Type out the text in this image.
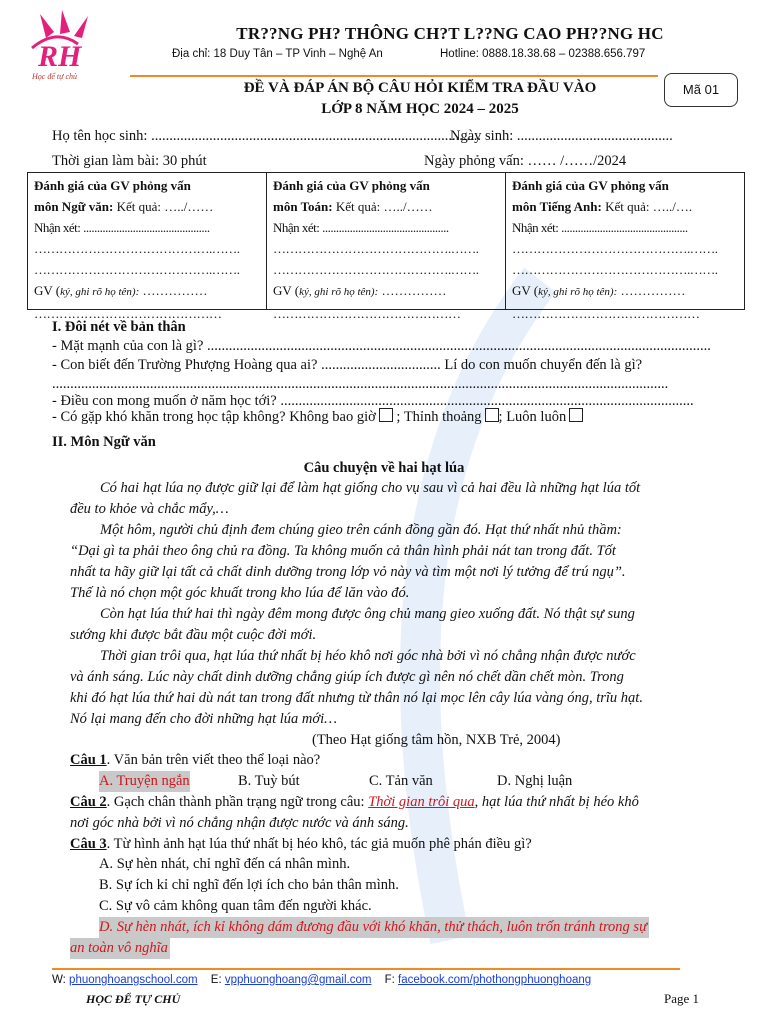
RH
Học để tự chủ
TR??NG PH? THÔNG CH?T L??NG CAO PH??NG HC
Địa chỉ: 18 Duy Tân – TP Vinh – Nghệ An	Hotline: 0888.18.38.68 – 02388.656.797
Mã 01
ĐỀ VÀ ĐÁP ÁN BỘ CÂU HỎI KIỂM TRA ĐẦU VÀO
LỚP 8 NĂM HỌC 2024 – 2025
Họ tên học sinh: ...........................................................................................
Ngày sinh: ...........................................
Thời gian làm bài: 30 phút	Ngày phỏng vấn: …… /……/2024
Đánh giá của GV phỏng vấn
môn Ngữ văn: Kết quả: …../……
Nhận xét: ..............................................
…………………………………….…….
…………………………………….…….
GV (ký, ghi rõ họ tên): ……………
………………………………………
Đánh giá của GV phỏng vấn
môn Toán: Kết quả: …../……
Nhận xét: ..............................................
…………………………………….…….
…………………………………….…….
GV (ký, ghi rõ họ tên): ……………
………………………………………
Đánh giá của GV phỏng vấn
môn Tiếng Anh: Kết quả: …../….
Nhận xét: ..............................................
…………………………………….…….
…………………………………….…….
GV (ký, ghi rõ họ tên): ……………
………………………………………
I. Đôi nét về bản thân
- Mặt mạnh của con là gì? ...........................................................................................................................................
- Con biết đến Trường Phượng Hoàng qua ai? ................................. Lí do con muốn chuyển đến là gì?
..........................................................................................................................................................................
- Điều con mong muốn ở năm học tới? ..................................................................................................................
- Có gặp khó khăn trong học tập không? Không bao giờ ; Thỉnh thoảng ; Luôn luôn
II. Môn Ngữ văn
Câu chuyện về hai hạt lúa
Có hai hạt lúa nọ được giữ lại để làm hạt giống cho vụ sau vì cả hai đều là những hạt lúa tốt
đều to khỏe và chắc mẩy,…
Một hôm, người chủ định đem chúng gieo trên cánh đồng gần đó. Hạt thứ nhất nhủ thầm:
“Dại gì ta phải theo ông chủ ra đồng. Ta không muốn cả thân hình phải nát tan trong đất. Tốt
nhất ta hãy giữ lại tất cả chất dinh dưỡng trong lớp vỏ này và tìm một nơi lý tưởng để trú ngụ”.
Thế là nó chọn một góc khuất trong kho lúa để lăn vào đó.
Còn hạt lúa thứ hai thì ngày đêm mong được ông chủ mang gieo xuống đất. Nó thật sự sung
sướng khi được bắt đầu một cuộc đời mới.
Thời gian trôi qua, hạt lúa thứ nhất bị héo khô nơi góc nhà bởi vì nó chẳng nhận được nước
và ánh sáng. Lúc này chất dinh dưỡng chẳng giúp ích được gì nên nó chết dần chết mòn. Trong
khi đó hạt lúa thứ hai dù nát tan trong đất nhưng từ thân nó lại mọc lên cây lúa vàng óng, trĩu hạt.
Nó lại mang đến cho đời những hạt lúa mới…
(Theo Hạt giống tâm hồn, NXB Trẻ, 2004)
Câu 1. Văn bản trên viết theo thể loại nào?
A. Truyện ngắn	B. Tuỳ bút	C. Tản văn	D. Nghị luận
Câu 2. Gạch chân thành phần trạng ngữ trong câu: Thời gian trôi qua, hạt lúa thứ nhất bị héo khô
nơi góc nhà bởi vì nó chẳng nhận được nước và ánh sáng.
Câu 3. Từ hình ảnh hạt lúa thứ nhất bị héo khô, tác giả muốn phê phán điều gì?
A. Sự hèn nhát, chỉ nghĩ đến cá nhân mình.
B. Sự ích kỉ chỉ nghĩ đến lợi ích cho bản thân mình.
C. Sự vô cảm không quan tâm đến người khác.
D. Sự hèn nhát, ích kỉ không dám đương đầu với khó khăn, thử thách, luôn trốn tránh trong sự
an toàn vô nghĩa
W: phuonghoangschool.com E: vpphuonghoang@gmail.com F: facebook.com/phothongphuonghoang
HỌC ĐỂ TỰ CHỦ	Page 1
